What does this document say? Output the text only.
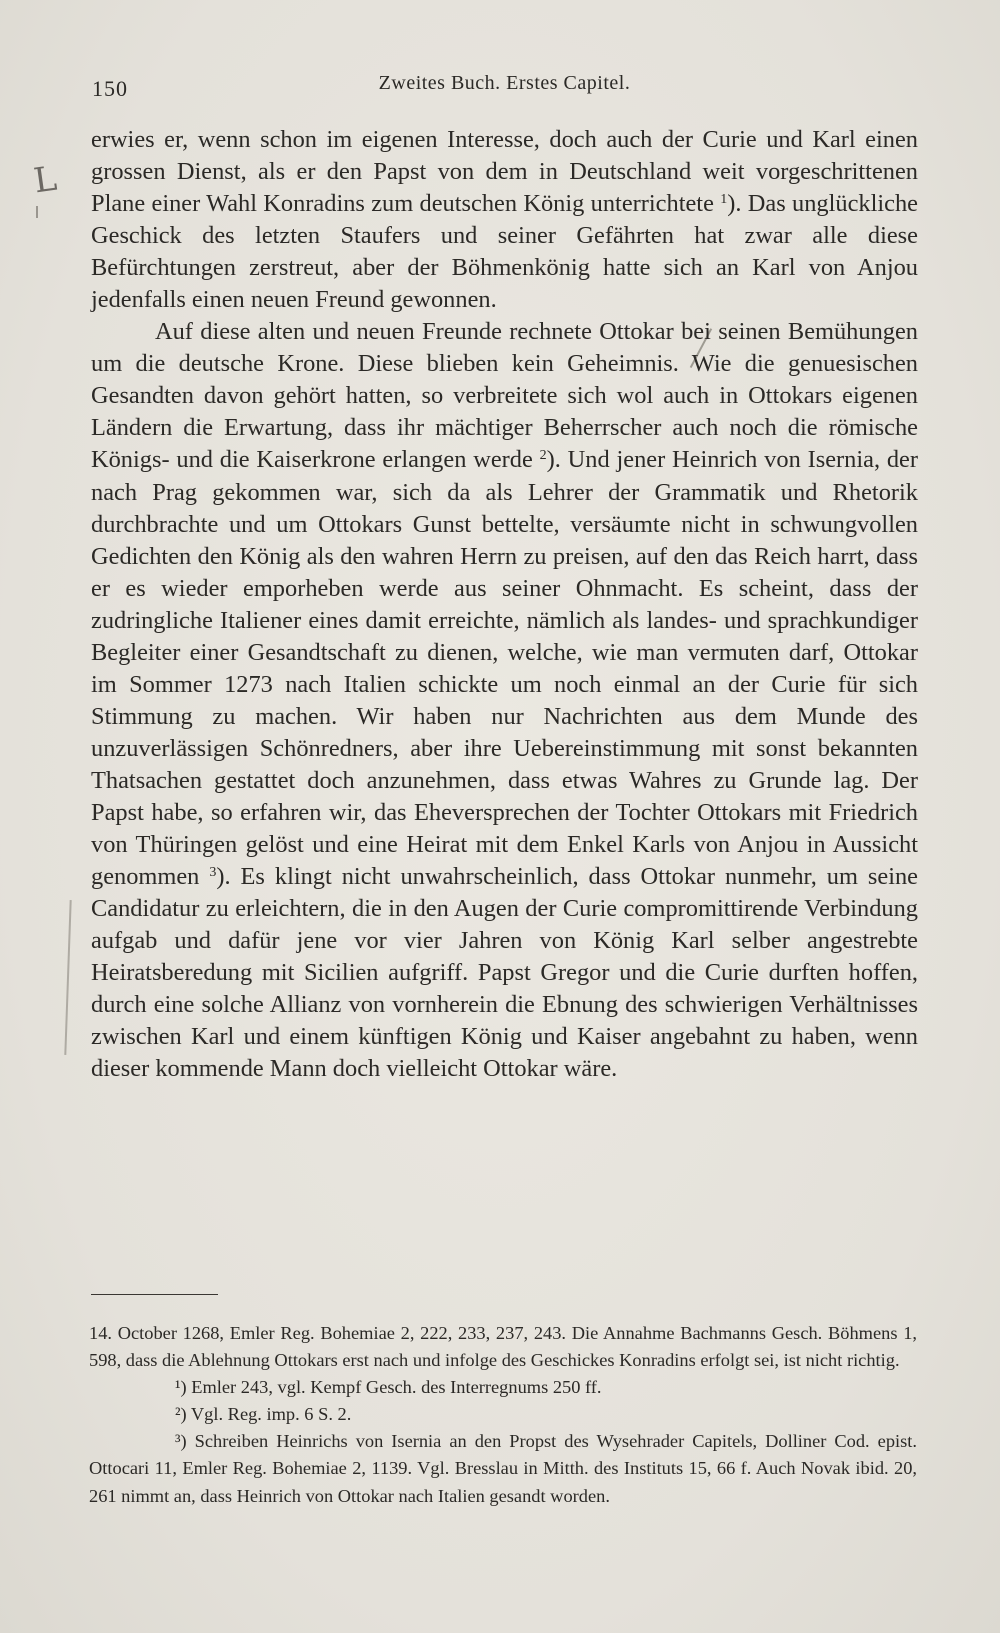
150	Zweites Buch. Erstes Capitel.
L

erwies er, wenn schon im eigenen Interesse, doch auch der Curie und Karl einen grossen Dienst, als er den Papst von dem in Deutschland weit vorgeschrittenen Plane einer Wahl Konradins zum deutschen König unterrichtete $^1$). Das unglückliche Geschick des letzten Staufers und seiner Gefährten hat zwar alle diese Befürchtungen zerstreut, aber der Böhmenkönig hatte sich an Karl von Anjou jedenfalls einen neuen Freund gewonnen.

Auf diese alten und neuen Freunde rechnete Ottokar bei seinen Bemühungen um die deutsche Krone. Diese blieben kein Geheimnis. Wie die genuesischen Gesandten davon gehört hatten, so verbreitete sich wol auch in Ottokars eigenen Ländern die Erwartung, dass ihr mächtiger Beherrscher auch noch die römische Königs- und die Kaiserkrone erlangen werde $^2$). Und jener Heinrich von Isernia, der nach Prag gekommen war, sich da als Lehrer der Grammatik und Rhetorik durchbrachte und um Ottokars Gunst bettelte, versäumte nicht in schwungvollen Gedichten den König als den wahren Herrn zu preisen, auf den das Reich harrt, dass er es wieder emporheben werde aus seiner Ohnmacht. Es scheint, dass der zudringliche Italiener eines damit erreichte, nämlich als landes- und sprachkundiger Begleiter einer Gesandtschaft zu dienen, welche, wie man vermuten darf, Ottokar im Sommer 1273 nach Italien schickte um noch einmal an der Curie für sich Stimmung zu machen. Wir haben nur Nachrichten aus dem Munde des unzuverlässigen Schönredners, aber ihre Uebereinstimmung mit sonst bekannten Thatsachen gestattet doch anzunehmen, dass etwas Wahres zu Grunde lag. Der Papst habe, so erfahren wir, das Eheversprechen der Tochter Ottokars mit Friedrich von Thüringen gelöst und eine Heirat mit dem Enkel Karls von Anjou in Aussicht genommen $^3$). Es klingt nicht unwahrscheinlich, dass Ottokar nunmehr, um seine Candidatur zu erleichtern, die in den Augen der Curie compromittirende Verbindung aufgab und dafür jene vor vier Jahren von König Karl selber angestrebte Heiratsberedung mit Sicilien aufgriff. Papst Gregor und die Curie durften hoffen, durch eine solche Allianz von vornherein die Ebnung des schwierigen Verhältnisses zwischen Karl und einem künftigen König und Kaiser angebahnt zu haben, wenn dieser kommende Mann doch vielleicht Ottokar wäre.

14. October 1268, Emler Reg. Bohemiae 2, 222, 233, 237, 243. Die Annahme Bachmanns Gesch. Böhmens 1, 598, dass die Ablehnung Ottokars erst nach und infolge des Geschickes Konradins erfolgt sei, ist nicht richtig.

¹) Emler 243, vgl. Kempf Gesch. des Interregnums 250 ff.

²) Vgl. Reg. imp. 6 S. 2.

³) Schreiben Heinrichs von Isernia an den Propst des Wysehrader Capitels, Dolliner Cod. epist. Ottocari 11, Emler Reg. Bohemiae 2, 1139. Vgl. Bresslau in Mitth. des Instituts 15, 66 f. Auch Novak ibid. 20, 261 nimmt an, dass Heinrich von Ottokar nach Italien gesandt worden.
